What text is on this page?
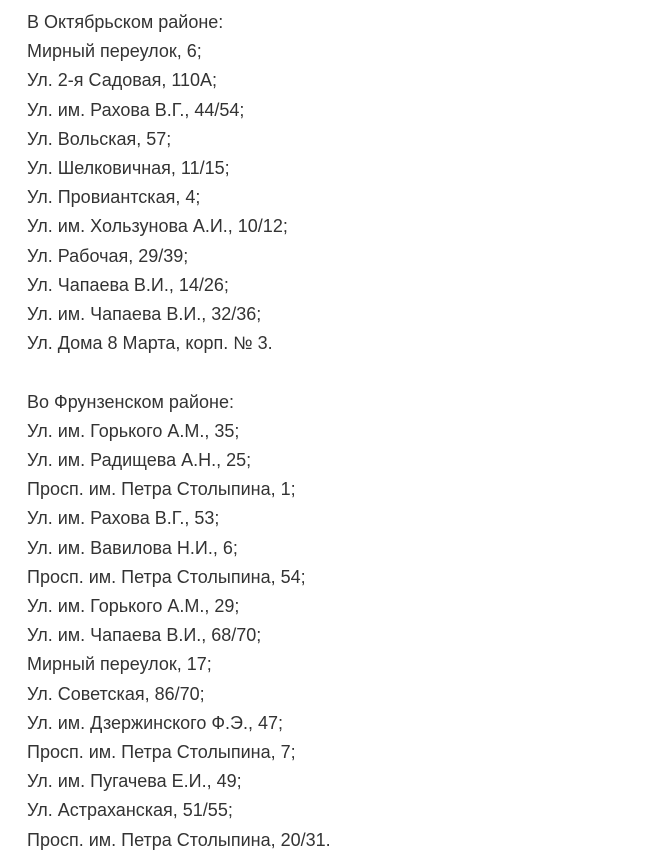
В Октябрьском районе:
Мирный переулок, 6;
Ул. 2-я Садовая, 110А;
Ул. им. Рахова В.Г., 44/54;
Ул. Вольская, 57;
Ул. Шелковичная, 11/15;
Ул. Провиантская, 4;
Ул. им. Хользунова А.И., 10/12;
Ул. Рабочая, 29/39;
Ул. Чапаева В.И., 14/26;
Ул. им. Чапаева В.И., 32/36;
Ул. Дома 8 Марта, корп. № 3.
Во Фрунзенском районе:
Ул. им. Горького А.М., 35;
Ул. им. Радищева А.Н., 25;
Просп. им. Петра Столыпина, 1;
Ул. им. Рахова В.Г., 53;
Ул. им. Вавилова Н.И., 6;
Просп. им. Петра Столыпина, 54;
Ул. им. Горького А.М., 29;
Ул. им. Чапаева В.И., 68/70;
Мирный переулок, 17;
Ул. Советская, 86/70;
Ул. им. Дзержинского Ф.Э., 47;
Просп. им. Петра Столыпина, 7;
Ул. им. Пугачева Е.И., 49;
Ул. Астраханская, 51/55;
Просп. им. Петра Столыпина, 20/31.
